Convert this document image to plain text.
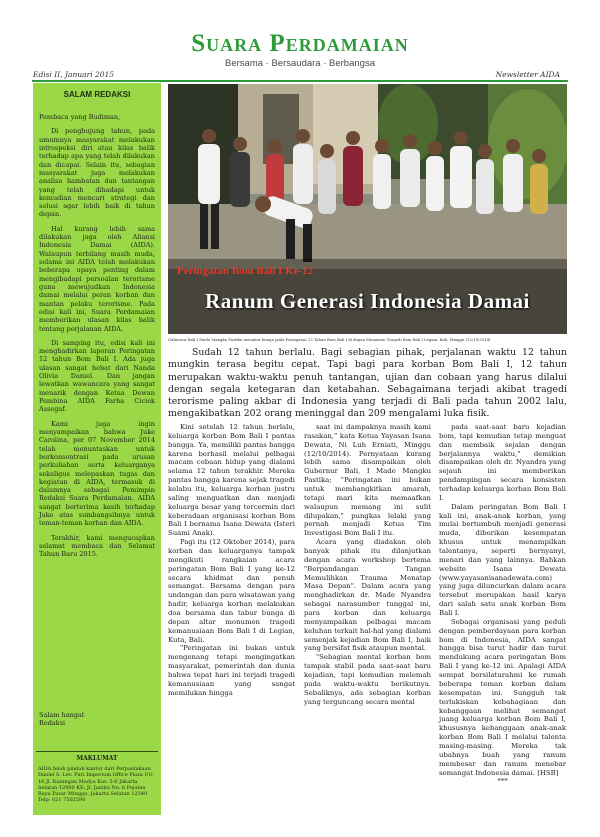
Suara Perdamaian
Bersama · Bersaudara · Berbangsa
Edisi II, Januari 2015	Newsletter AIDA
SALAM REDAKSI

Pembaca yang Budiman,

Di penghujung tahun, pada umumnya masyarakat melakukan introspeksi diri atau kilas balik terhadap apa yang telah dilakukan dan dicapai. Selain itu, sebagian masyarakat juga melakukan analisa hambatan dan tantangan yang telah dihadapi untuk kemudian mencari strategi dan solusi agar lebih baik di tahun depan.

Hal kurang lebih sama dilakukan juga oleh Aliansi Indonesia Damai (AIDA). Walaupun terbilang masih muda, selama ini AIDA telah melakukan beberapa upaya penting dalam mengibadapi persoalan terorisme guna mewujudkan Indonesia damai melalui peran korban dan mantan pelaku terorisme. Pada edisi kali ini, Suara Perdamaian memberikan ulasan kilas balik tentang perjalanan AIDA.

Di samping itu, edisi kali ini menghadirkan laporan Peringatan 12 tahun Bom Bali I. Ada juga ulasan sangat hebat dari Nanda Olivia Daniel. Dan jangan lewatkan wawancara yang sangat menarik dengan Ketua Dewan Pembina AIDA Farha Ciciek Assegaf.

Kami juga ingin menyampaikan bahwa Juke Carolina, per 07 November 2014 telah menuntaskan untuk berkonsentrasi pada urusan perkuliahan serta keluarganya sekaligus melepaskan tugas dan kegiatan di AIDA, termasuk di dalamnya sebagai Pemimpin Redaksi Suara Perdamaian. AIDA sangat berterima kasih terhadap Juke atas sumbangsihnya untuk teman-teman korban dan AIDA.

Terakhir, kami mengucapkan selamat membaca dan Selamat Tahun Baru 2015.

Salam hangat
Redaksi
MAKLUMAT
AIDA telah pindah kantor dari Perpustakaan Daniel S. Lev. Puri Imperium Office Plaza UG 16 Jl. Kuningan Madya Kav. 5-6 Jakarta Selatan 12980 KE: Jl. Jambu No. 6 Pejaten Raya Pasar Minggu, Jakarta Selatan 12540 Telp: 021 7502590
Peringatan Bom Bali I Ke-12
Ranum Generasi Indonesia Damai
Gubernur Bali I Made Mangku Pastika menabur bunga pada Peringatan 12 Tahun Bom Bali I di depan Monumen Tragedi Bom Bali I Legian, Bali, Minggu (12/10/2014)

Sudah 12 tahun berlalu. Bagi sebagian pihak, perjalanan waktu 12 tahun mungkin terasa begitu cepat. Tapi bagi para korban Bom Bali I, 12 tahun merupakan waktu-waktu penuh tantangan, ujian dan cobaan yang harus dilalui dengan segala ketegaran dan ketabahan. Sebagaimana terjadi akibat tragedi terorisme paling akbar di Indonesia yang terjadi di Bali pada tahun 2002 lalu, mengakibatkan 202 orang meninggal dan 209 mengalami luka fisik.

Kini setelah 12 tahun berlalu, keluarga korban Bom Bali I pantas bangga. Ya, memiliki pantas bangga karena berhasil melalui pelbagai macam cobaan hidup yang dialami selama 12 tahun terakhir. Mereka pantas bangga karena sejak tragedi kelabu itu, keluarga korban justru saling menguatkan dan menjadi keluarga besar yang tercermin dari keberadaan organisasi korban Bom Bali I bernama Isana Dewata (Isteri Suami Anak).

Pagi itu (12 Oktober 2014), para korban dan keluarganya tampak mengikuti rangkaian acara peringatan Bom Bali I yang ke-12 secara khidmat dan penuh semangat. Bersama dengan para undangan dan para wisatawan yang hadir, keluarga korban melakukan doa bersama dan tabur bunga di depan altar monumen tragedi kemanusiaan Bom Bali I di Legian, Kuta, Bali.

"Peringatan ini bukan untuk mengenang tetapi mengingatkan masyarakat, pemerintah dan dunia bahwa tepat hari ini terjadi tragedi kemanusiaan yang sangat memilukan hingga

saat ini dampaknya masih kami rasakan," kata Ketua Yayasan Isana Dewata, Ni Luh Erniati, Minggu (12/10/2014). Pernyataan kurang lebih sama disampaikan oleh Gubernur Bali, I Made Mangku Pastika; "Peringatan ini bukan untuk membangkitkan amarah, tetapi mari kita memaafkan walaupun memang ini sulit dilupakan," pungkas lelaki yang pernah menjadi Ketua Tim Investigasi Bom Bali I itu.

Acara yang diadakan oleh banyak pihak itu dilanjutkan dengan acara workshop bertema "Berpandangan Tangan Memulihkan Trauma Menatap Masa Depan". Dalam acara yang menghadirkan dr. Made Nyandra sebagai narasumber tunggal ini, para korban dan keluarga menyampaikan pelbagai macam keluhan terkait hal-hal yang dialami semenjak kejadian Bom Bali I, baik yang bersifat fisik ataupun mental.

"Sebagian mental korban bom tampak stabil pada saat-saat baru kejadian, tapi kemudian melemah pada waktu-waktu berikutnya. Sebaliknya, ada sebagian korban yang terguncang secara mental

pada saat-saat baru kejadian bom, tapi kemudian tetap menguat dan membaik sejalan dengan berjalannya waktu," demikian disampaikan oleh dr. Nyandra yang sejauh ini memberikan pendampingan secara konsisten terhadap keluarga korban Bom Bali I.

Dalam peringatan Bom Bali I kali ini, anak-anak korban, yang mulai bertumbuh menjadi generasi muda, diberikan kesempatan khusus untuk menampilkan talentanya, seperti bernyanyi, menari dan yang lainnya. Bahkan website Isana Dewata (www.yayasanisanadewata.com) yang juga diluncurkan dalam acara tersebut merupakan hasil karya dari salah satu anak korban Bom Bali I.

Sebagai organisasi yang peduli dengan pemberdayaan para korban bom di Indonesia, AIDA sangat bangga bisa turut hadir dan turut mendukung acara peringatan Bom Bali I yang ke-12 ini. Apalagi AIDA sempat bersilaturahmi ke rumah beberapa teman korban dalam kesempatan ini. Sungguh tak terlukiskan kebahagiaan dan kebanggaan melihat semangat juang keluarga korban Bom Bali I, khususnya kebanggaan anak-anak korban Bom Bali I melalui talenta masing-masing. Mereka tak ubahnya buah yang ranum membesar dan ranum menebar semangat Indonesia damai. [HSB]

***
